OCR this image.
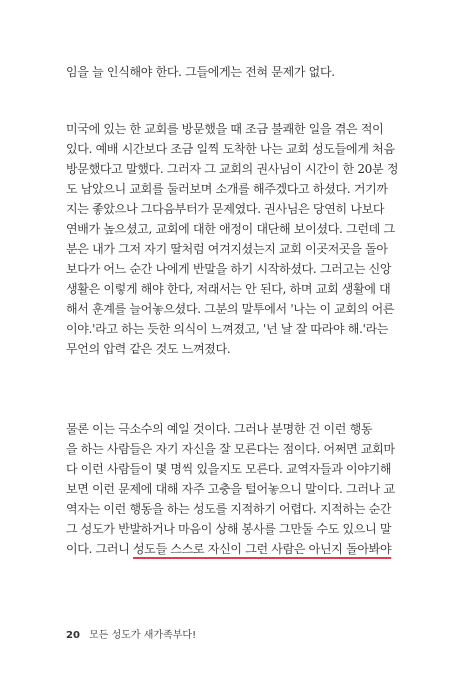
임을 늘 인식해야 한다. 그들에게는 전혀 문제가 없다.
미국에 있는 한 교회를 방문했을 때 조금 불쾌한 일을 겪은 적이
있다. 예배 시간보다 조금 일찍 도착한 나는 교회 성도들에게 처음
방문했다고 말했다. 그러자 그 교회의 권사님이 시간이 한 20분 정
도 남았으니 교회를 둘러보며 소개를 해주겠다고 하셨다. 거기까
지는 좋았으나 그다음부터가 문제였다. 권사님은 당연히 나보다
연배가 높으셨고, 교회에 대한 애정이 대단해 보이셨다. 그런데 그
분은 내가 그저 자기 딸처럼 여겨지셨는지 교회 이곳저곳을 돌아
보다가 어느 순간 나에게 반말을 하기 시작하셨다. 그러고는 신앙
생활은 이렇게 해야 한다, 저래서는 안 된다, 하며 교회 생활에 대
해서 훈계를 늘어놓으셨다. 그분의 말투에서 '나는 이 교회의 어른
이야.'라고 하는 듯한 의식이 느껴졌고, '넌 날 잘 따라야 해.'라는
무언의 압력 같은 것도 느껴졌다.
물론 이는 극소수의 예일 것이다. 그러나 분명한 건 이런 행동
을 하는 사람들은 자기 자신을 잘 모른다는 점이다. 어쩌면 교회마
다 이런 사람들이 몇 명씩 있을지도 모른다. 교역자들과 이야기해
보면 이런 문제에 대해 자주 고충을 털어놓으니 말이다. 그러나 교
역자는 이런 행동을 하는 성도를 지적하기 어렵다. 지적하는 순간
그 성도가 반발하거나 마음이 상해 봉사를 그만둘 수도 있으니 말
이다. 그러니 성도들 스스로 자신이 그런 사람은 아닌지 돌아봐야
20 모든 성도가 새가족부다!
